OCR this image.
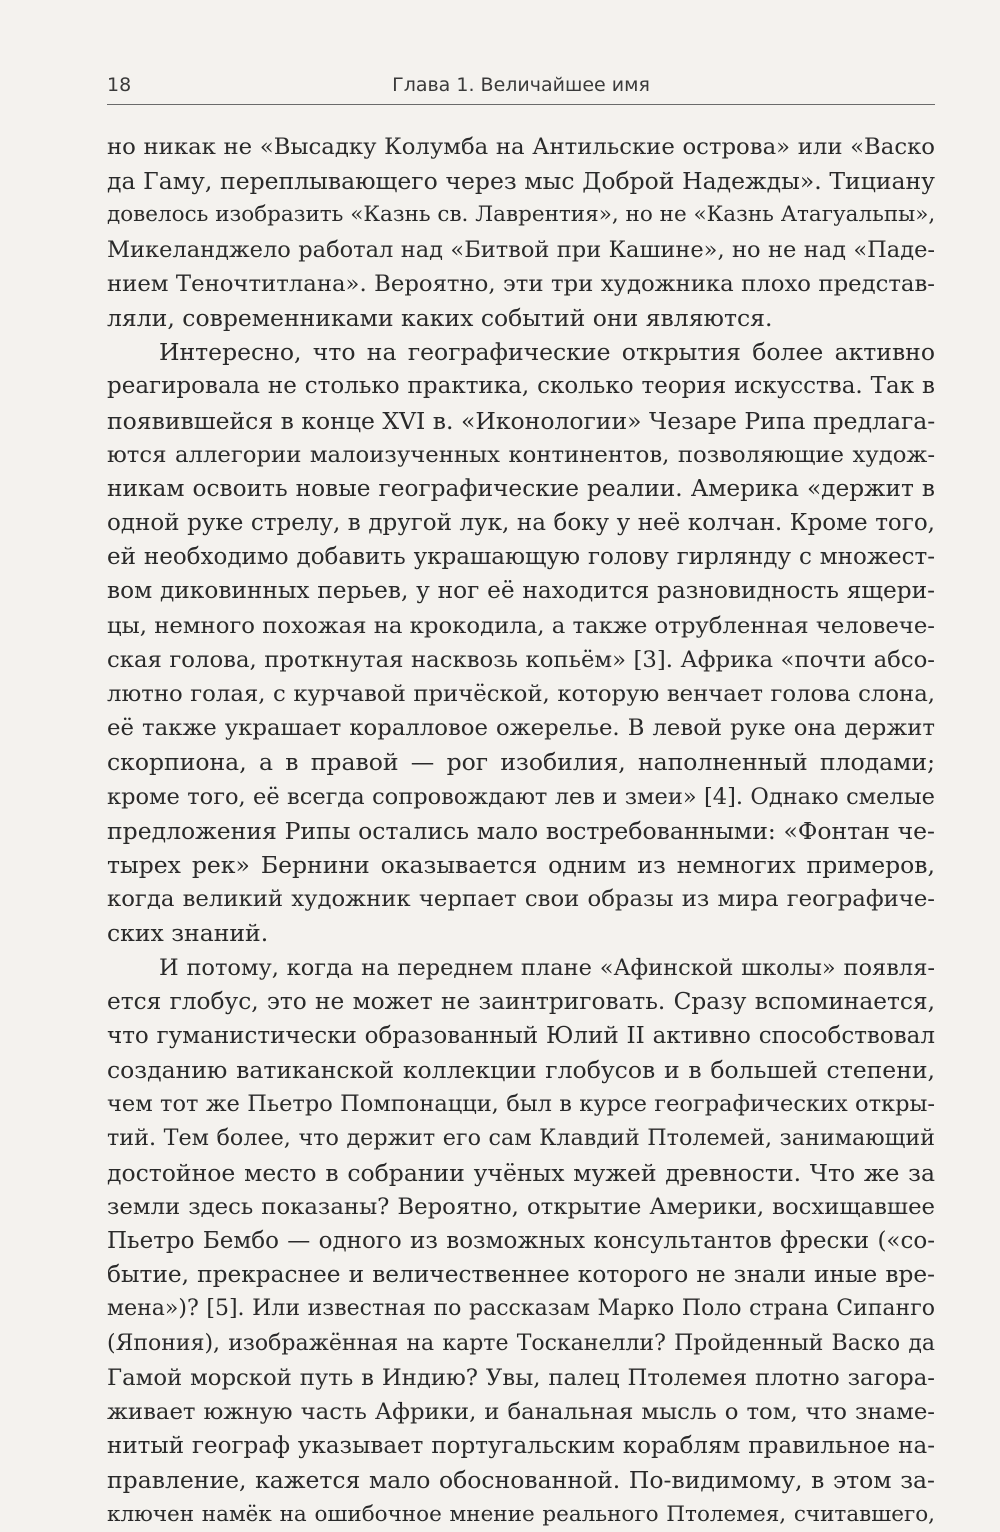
18	Глава 1. Величайшее имя
но никак не «Высадку Колумба на Антильские острова» или «Васко
да Гаму, переплывающего через мыс Доброй Надежды». Тициану
довелось изобразить «Казнь св. Лаврентия», но не «Казнь Атагуальпы»,
Микеланджело работал над «Битвой при Кашине», но не над «Паде-
нием Теночтитлана». Вероятно, эти три художника плохо представ-
ляли, современниками каких событий они являются.
Интересно, что на географические открытия более активно
реагировала не столько практика, сколько теория искусства. Так в
появившейся в конце XVI в. «Иконологии» Чезаре Рипа предлага-
ются аллегории малоизученных континентов, позволяющие худож-
никам освоить новые географические реалии. Америка «держит в
одной руке стрелу, в другой лук, на боку у неё колчан. Кроме того,
ей необходимо добавить украшающую голову гирлянду с множест-
вом диковинных перьев, у ног её находится разновидность ящери-
цы, немного похожая на крокодила, а также отрубленная человече-
ская голова, проткнутая насквозь копьём» [3]. Африка «почти абсо-
лютно голая, с курчавой причёской, которую венчает голова слона,
её также украшает коралловое ожерелье. В левой руке она держит
скорпиона, а в правой — рог изобилия, наполненный плодами;
кроме того, её всегда сопровождают лев и змеи» [4]. Однако смелые
предложения Рипы остались мало востребованными: «Фонтан че-
тырех рек» Бернини оказывается одним из немногих примеров,
когда великий художник черпает свои образы из мира географиче-
ских знаний.
И потому, когда на переднем плане «Афинской школы» появля-
ется глобус, это не может не заинтриговать. Сразу вспоминается,
что гуманистически образованный Юлий II активно способствовал
созданию ватиканской коллекции глобусов и в большей степени,
чем тот же Пьетро Помпонацци, был в курсе географических откры-
тий. Тем более, что держит его сам Клавдий Птолемей, занимающий
достойное место в собрании учёных мужей древности. Что же за
земли здесь показаны? Вероятно, открытие Америки, восхищавшее
Пьетро Бембо — одного из возможных консультантов фрески («со-
бытие, прекраснее и величественнее которого не знали иные вре-
мена»)? [5]. Или известная по рассказам Марко Поло страна Сипанго
(Япония), изображённая на карте Тосканелли? Пройденный Васко да
Гамой морской путь в Индию? Увы, палец Птолемея плотно загора-
живает южную часть Африки, и банальная мысль о том, что знаме-
нитый географ указывает португальским кораблям правильное на-
правление, кажется мало обоснованной. По-видимому, в этом за-
ключен намёк на ошибочное мнение реального Птолемея, считавшего,
